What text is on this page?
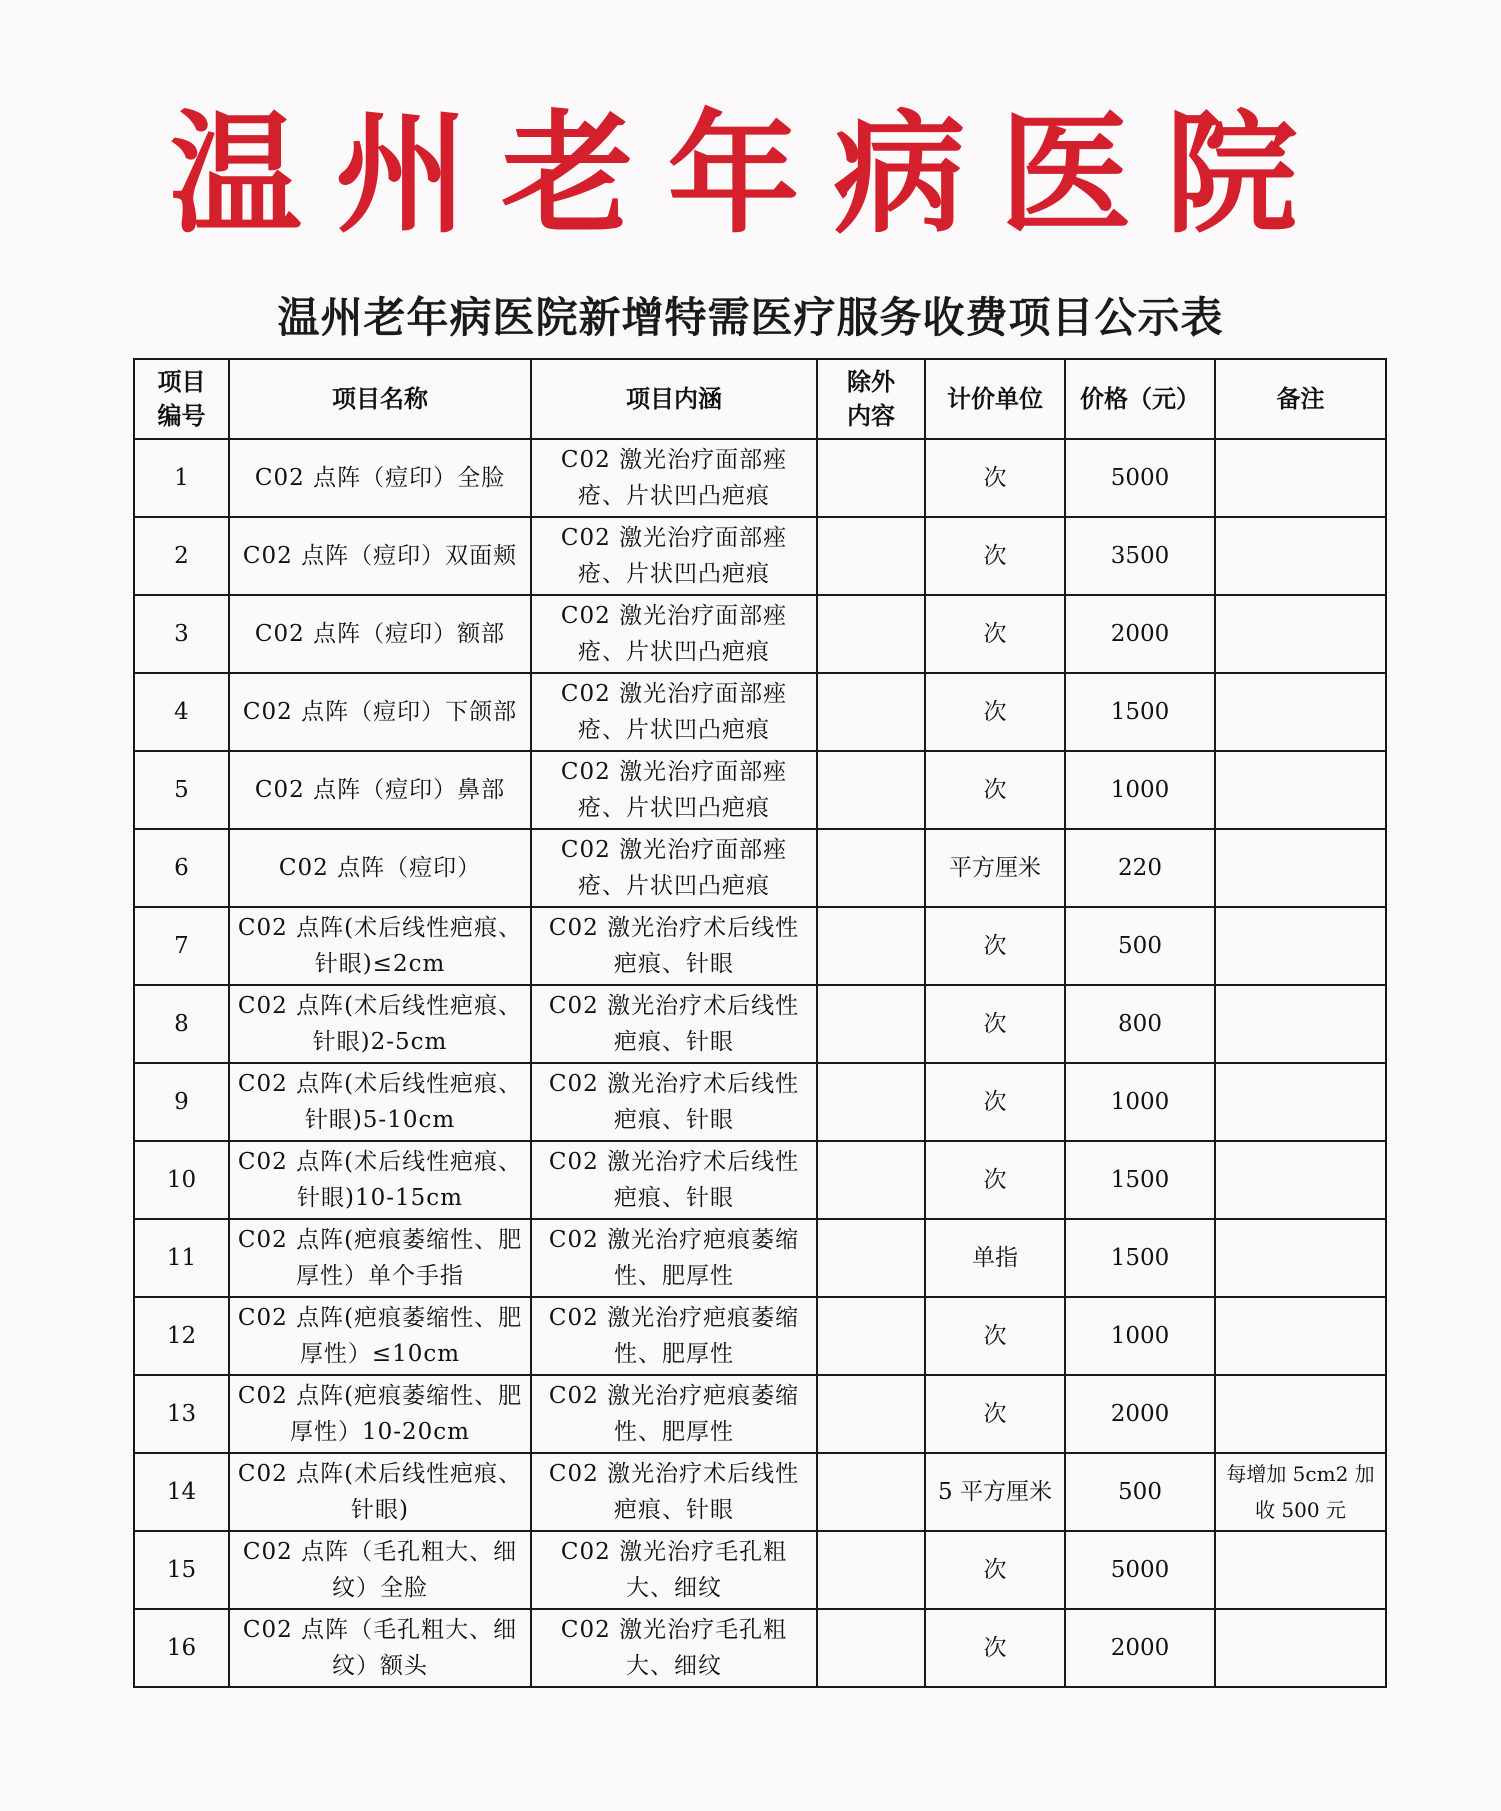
温州老年病医院
温州老年病医院新增特需医疗服务收费项目公示表
项目编号	项目名称	项目内涵	除外内容	计价单位	价格（元）	备注
1	C02 点阵（痘印）全脸	C02 激光治疗面部痤疮、片状凹凸疤痕		次	5000	
2	C02 点阵（痘印）双面颊	C02 激光治疗面部痤疮、片状凹凸疤痕		次	3500	
3	C02 点阵（痘印）额部	C02 激光治疗面部痤疮、片状凹凸疤痕		次	2000	
4	C02 点阵（痘印）下颌部	C02 激光治疗面部痤疮、片状凹凸疤痕		次	1500	
5	C02 点阵（痘印）鼻部	C02 激光治疗面部痤疮、片状凹凸疤痕		次	1000	
6	C02 点阵（痘印）	C02 激光治疗面部痤疮、片状凹凸疤痕		平方厘米	220	
7	C02 点阵(术后线性疤痕、针眼)≤2cm	C02 激光治疗术后线性疤痕、针眼		次	500	
8	C02 点阵(术后线性疤痕、针眼)2-5cm	C02 激光治疗术后线性疤痕、针眼		次	800	
9	C02 点阵(术后线性疤痕、针眼)5-10cm	C02 激光治疗术后线性疤痕、针眼		次	1000	
10	C02 点阵(术后线性疤痕、针眼)10-15cm	C02 激光治疗术后线性疤痕、针眼		次	1500	
11	C02 点阵(疤痕萎缩性、肥厚性）单个手指	C02 激光治疗疤痕萎缩性、肥厚性		单指	1500	
12	C02 点阵(疤痕萎缩性、肥厚性）≤10cm	C02 激光治疗疤痕萎缩性、肥厚性		次	1000	
13	C02 点阵(疤痕萎缩性、肥厚性）10-20cm	C02 激光治疗疤痕萎缩性、肥厚性		次	2000	
14	C02 点阵(术后线性疤痕、针眼)	C02 激光治疗术后线性疤痕、针眼		5 平方厘米	500	每增加 5cm2 加收 500 元
15	C02 点阵（毛孔粗大、细纹）全脸	C02 激光治疗毛孔粗大、细纹		次	5000	
16	C02 点阵（毛孔粗大、细纹）额头	C02 激光治疗毛孔粗大、细纹		次	2000	
